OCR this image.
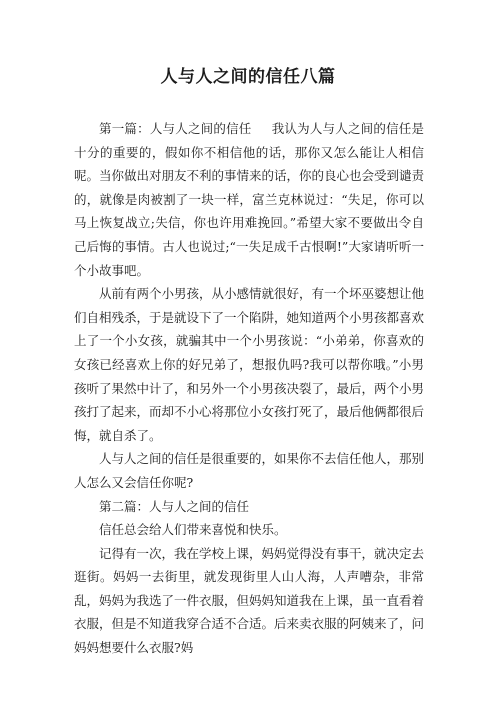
人与人之间的信任八篇

第一篇：人与人之间的信任 我认为人与人之间的信任是十分的重要的，假如你不相信他的话，那你又怎么能让人相信呢。当你做出对朋友不利的事情来的话，你的良心也会受到谴责的，就像是肉被割了一块一样，富兰克林说过：“失足，你可以马上恢复战立;失信，你也许用难挽回。”希望大家不要做出令自己后悔的事情。古人也说过;“一失足成千古恨啊!”大家请听听一个小故事吧。

从前有两个小男孩，从小感情就很好，有一个坏巫婆想让他们自相残杀，于是就设下了一个陷阱，她知道两个小男孩都喜欢上了一个小女孩，就骗其中一个小男孩说：“小弟弟，你喜欢的女孩已经喜欢上你的好兄弟了，想报仇吗?我可以帮你哦。”小男孩听了果然中计了，和另外一个小男孩决裂了，最后，两个小男孩打了起来，而却不小心将那位小女孩打死了，最后他俩都很后悔，就自杀了。

人与人之间的信任是很重要的，如果你不去信任他人，那别人怎么又会信任你呢?

第二篇：人与人之间的信任

信任总会给人们带来喜悦和快乐。

记得有一次，我在学校上课，妈妈觉得没有事干，就决定去逛街。妈妈一去街里，就发现街里人山人海，人声嘈杂，非常乱，妈妈为我选了一件衣服，但妈妈知道我在上课，虽一直看着衣服，但是不知道我穿合适不合适。后来卖衣服的阿姨来了，问妈妈想要什么衣服?妈
